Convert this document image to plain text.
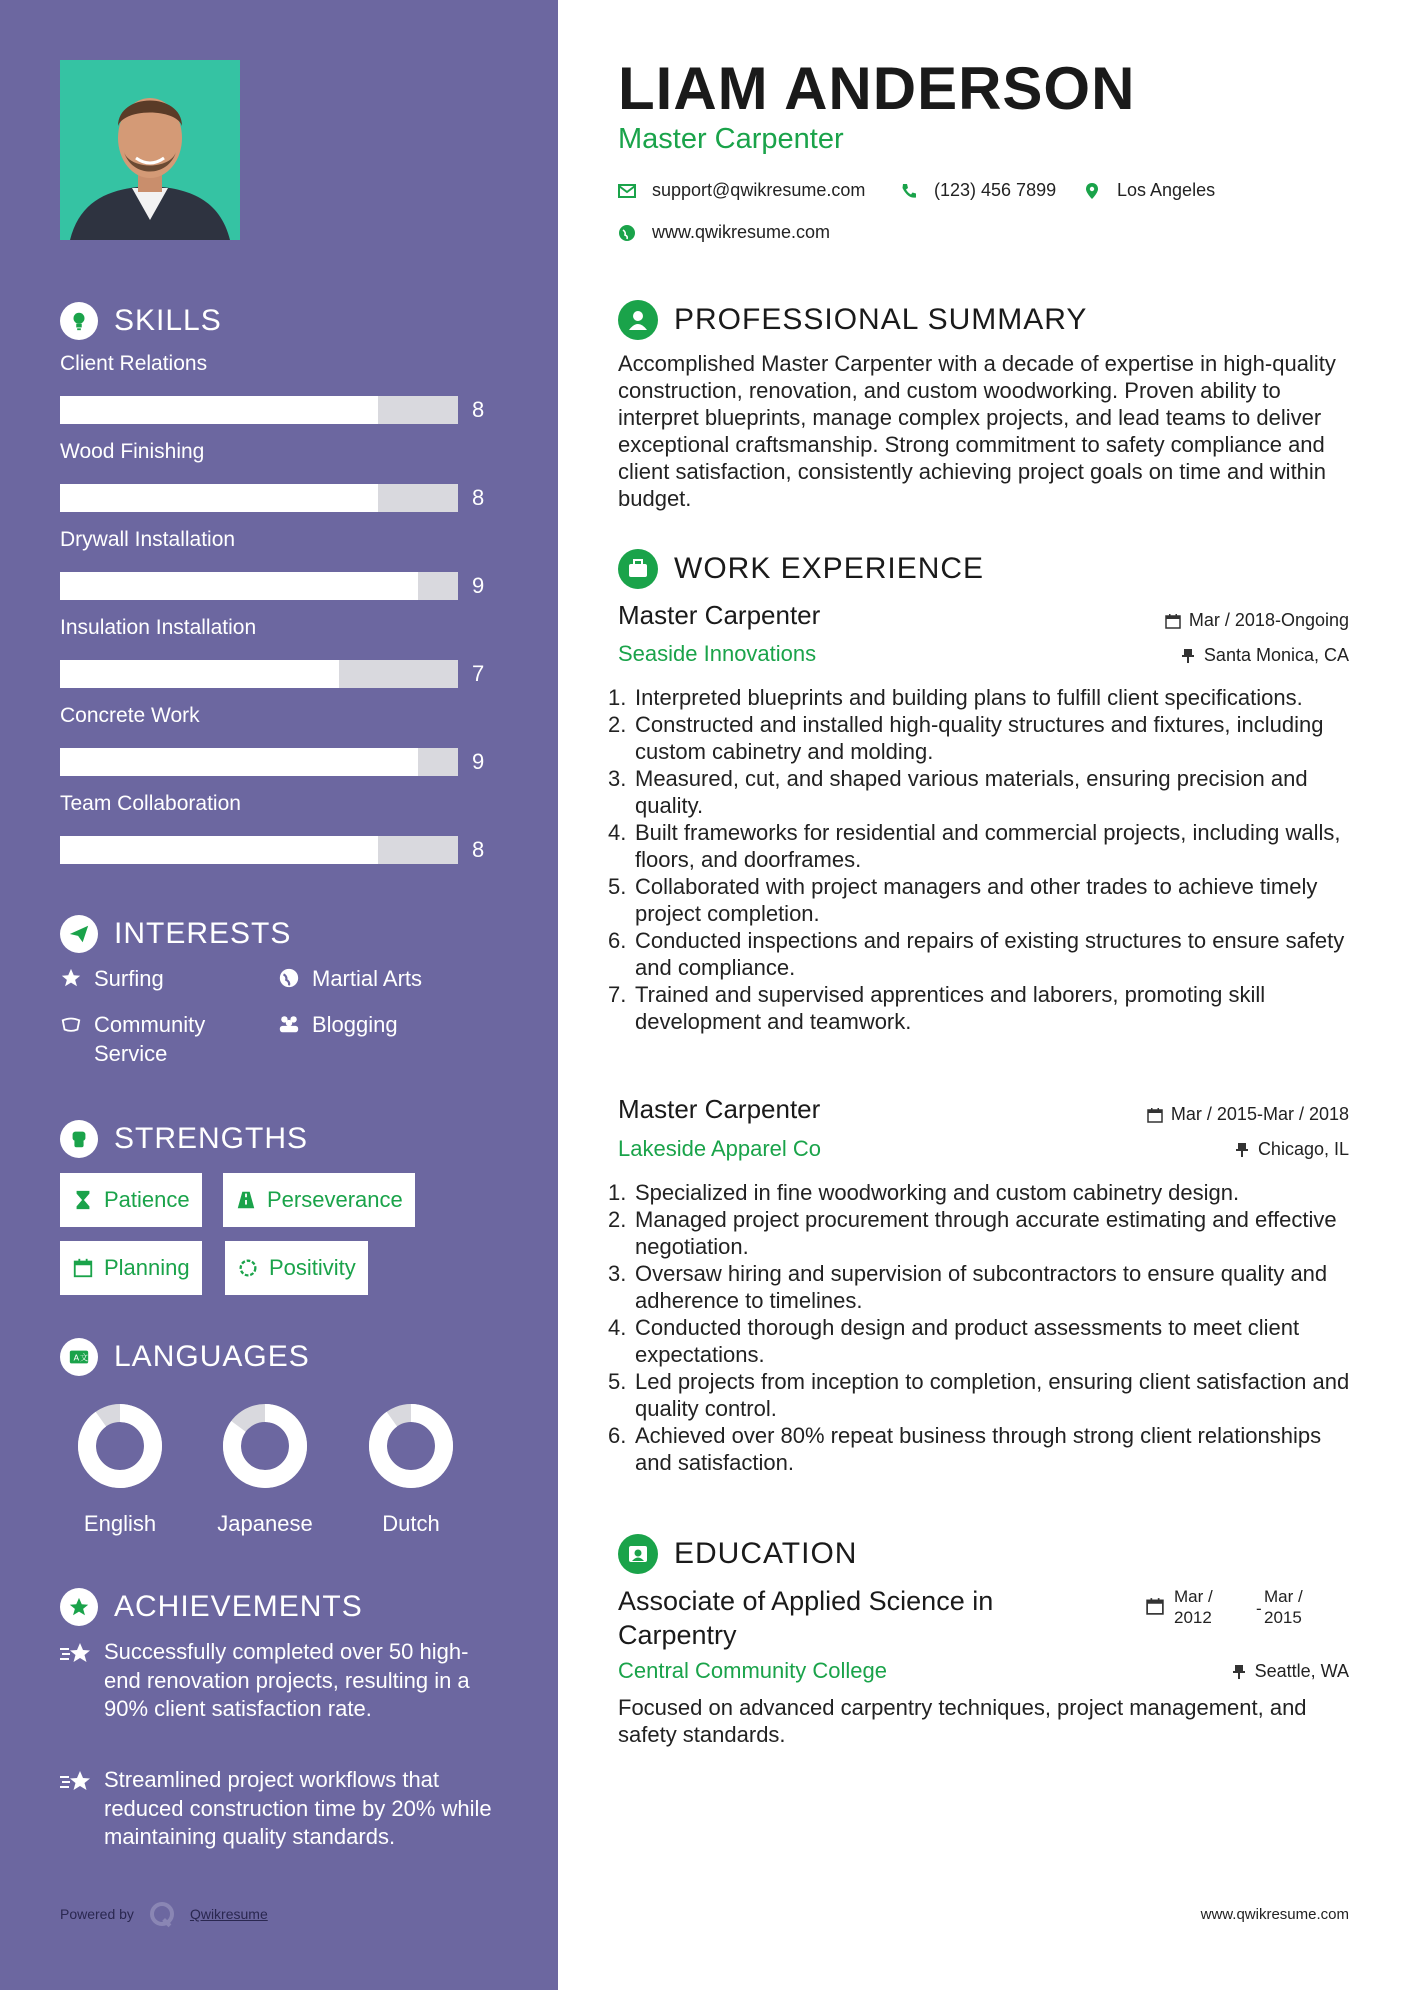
SKILLS
Client Relations
8
Wood Finishing
8
Drywall Installation
9
Insulation Installation
7
Concrete Work
9
Team Collaboration
8
INTERESTS
Surfing	Martial Arts
Community Service
Blogging
STRENGTHS
Patience	Perseverance
Planning	Positivity
A 文 LANGUAGES
English	Japanese	Dutch
ACHIEVEMENTS
Successfully completed over 50 high-end renovation projects, resulting in a 90% client satisfaction rate.
Streamlined project workflows that reduced construction time by 20% while maintaining quality standards.
Powered by	Qwikresume
LIAM ANDERSON
Master Carpenter
support@qwikresume.com	(123) 456 7899	Los Angeles
www.qwikresume.com
PROFESSIONAL SUMMARY

Accomplished Master Carpenter with a decade of expertise in high-quality construction, renovation, and custom woodworking. Proven ability to interpret blueprints, manage complex projects, and lead teams to deliver exceptional craftsmanship. Strong commitment to safety compliance and client satisfaction, consistently achieving project goals on time and within budget.

WORK EXPERIENCE
Master Carpenter	Mar / 2018-Ongoing
Seaside Innovations	Santa Monica, CA
Interpreted blueprints and building plans to fulfill client specifications.
Constructed and installed high-quality structures and fixtures, including custom cabinetry and molding.
Measured, cut, and shaped various materials, ensuring precision and quality.
Built frameworks for residential and commercial projects, including walls, floors, and doorframes.
Collaborated with project managers and other trades to achieve timely project completion.
Conducted inspections and repairs of existing structures to ensure safety and compliance.
Trained and supervised apprentices and laborers, promoting skill development and teamwork.
Master Carpenter	Mar / 2015-Mar / 2018
Lakeside Apparel Co	Chicago, IL
Specialized in fine woodworking and custom cabinetry design.
Managed project procurement through accurate estimating and effective negotiation.
Oversaw hiring and supervision of subcontractors to ensure quality and adherence to timelines.
Conducted thorough design and product assessments to meet client expectations.
Led projects from inception to completion, ensuring client satisfaction and quality control.
Achieved over 80% repeat business through strong client relationships and satisfaction.
EDUCATION
Associate of Applied Science in Carpentry
Mar / 2012	-
Mar / 2015
Central Community College	Seattle, WA

Focused on advanced carpentry techniques, project management, and safety standards.

www.qwikresume.com
